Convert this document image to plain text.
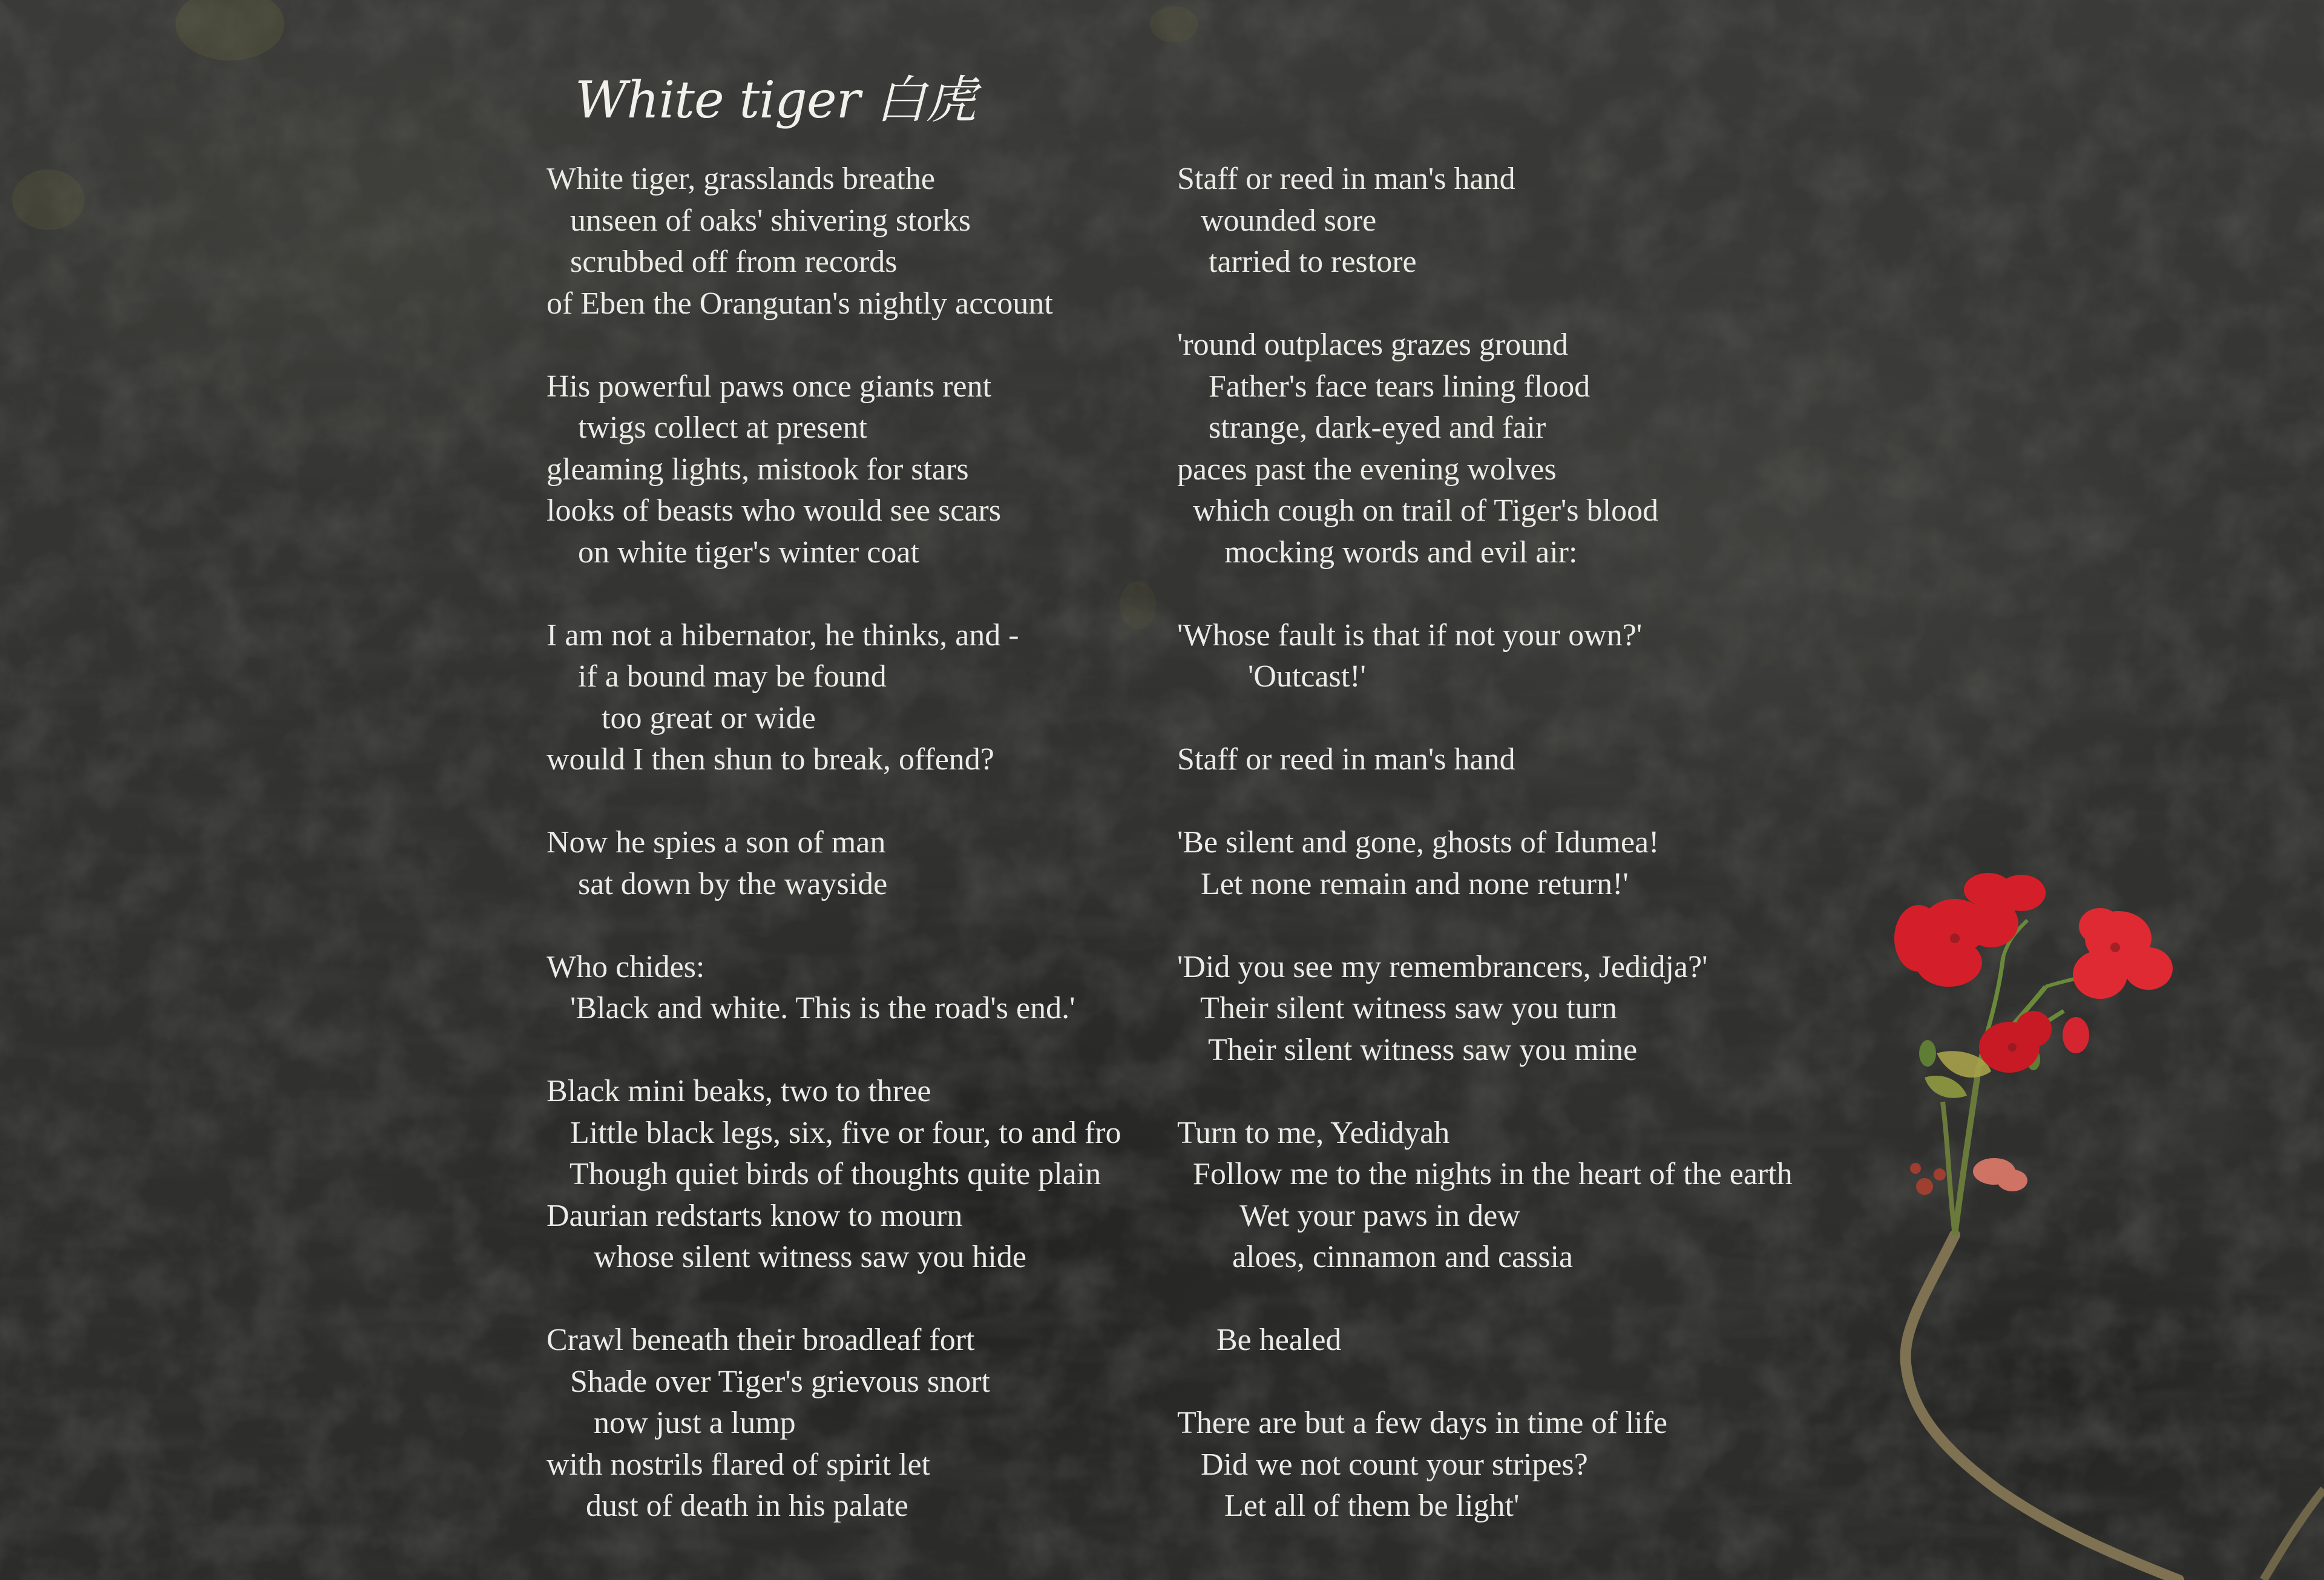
White tiger 白虎
White tiger, grasslands breathe
unseen of oaks' shivering storks
scrubbed off from records
of Eben the Orangutan's nightly account
His powerful paws once giants rent
twigs collect at present
gleaming lights, mistook for stars
looks of beasts who would see scars
on white tiger's winter coat
I am not a hibernator, he thinks, and -
if a bound may be found
too great or wide
would I then shun to break, offend?
Now he spies a son of man
sat down by the wayside
Who chides:
'Black and white. This is the road's end.'
Black mini beaks, two to three
Little black legs, six, five or four, to and fro
Though quiet birds of thoughts quite plain
Daurian redstarts know to mourn
whose silent witness saw you hide
Crawl beneath their broadleaf fort
Shade over Tiger's grievous snort
now just a lump
with nostrils flared of spirit let
dust of death in his palate
Staff or reed in man's hand
wounded sore
tarried to restore
'round outplaces grazes ground
Father's face tears lining flood
strange, dark-eyed and fair
paces past the evening wolves
which cough on trail of Tiger's blood
mocking words and evil air:
'Whose fault is that if not your own?'
'Outcast!'
Staff or reed in man's hand
'Be silent and gone, ghosts of Idumea!
Let none remain and none return!'
'Did you see my remembrancers, Jedidja?'
Their silent witness saw you turn
Their silent witness saw you mine
Turn to me, Yedidyah
Follow me to the nights in the heart of the earth
Wet your paws in dew
aloes, cinnamon and cassia
Be healed
There are but a few days in time of life
Did we not count your stripes?
Let all of them be light'
